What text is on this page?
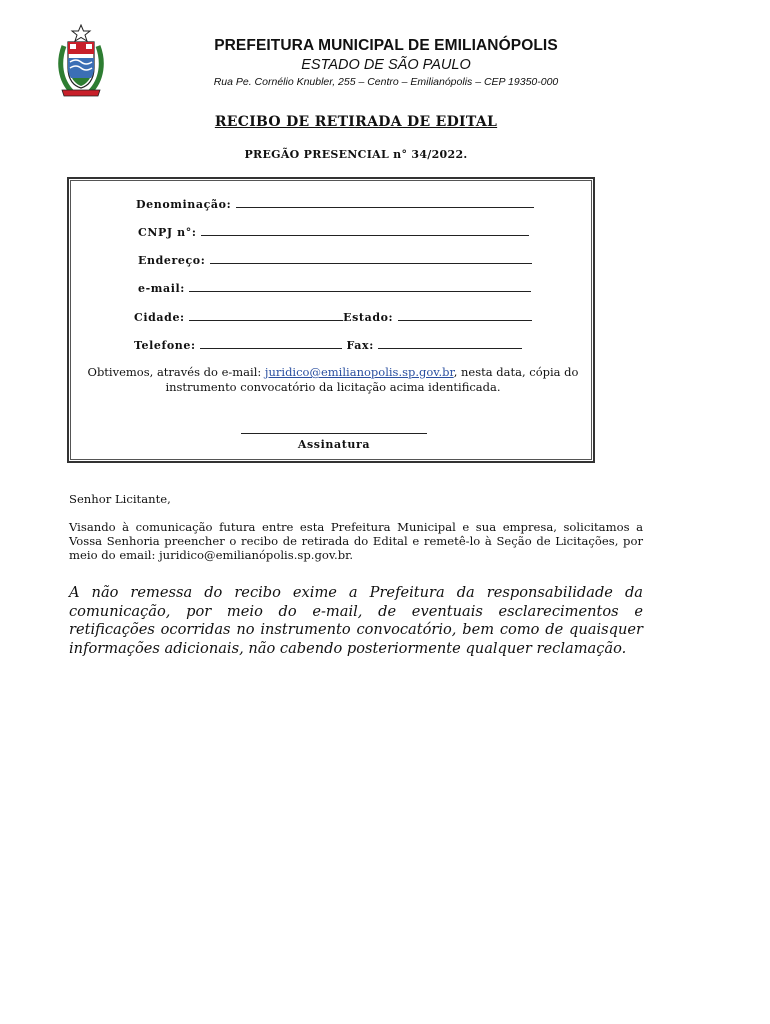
PREFEITURA MUNICIPAL DE EMILIANÓPOLIS
ESTADO DE SÃO PAULO
Rua Pe. Cornélio Knubler, 255 – Centro – Emilianópolis – CEP 19350-000
RECIBO DE RETIRADA DE EDITAL
PREGÃO PRESENCIAL n° 34/2022.
Denominação:
CNPJ n°:
Endereço:
e-mail:
Cidade:	Estado:
Telefone:	Fax:
Obtivemos, através do e-mail: juridico@emilianopolis.sp.gov.br, nesta data, cópia do instrumento convocatório da licitação acima identificada.
Assinatura
Senhor Licitante,
Visando à comunicação futura entre esta Prefeitura Municipal e sua empresa, solicitamos a Vossa Senhoria preencher o recibo de retirada do Edital e remetê-lo à Seção de Licitações, por meio do email: juridico@emilianópolis.sp.gov.br.
A não remessa do recibo exime a Prefeitura da responsabilidade da comunicação, por meio do e-mail, de eventuais esclarecimentos e retificações ocorridas no instrumento convocatório, bem como de quaisquer informações adicionais, não cabendo posteriormente qualquer reclamação.
